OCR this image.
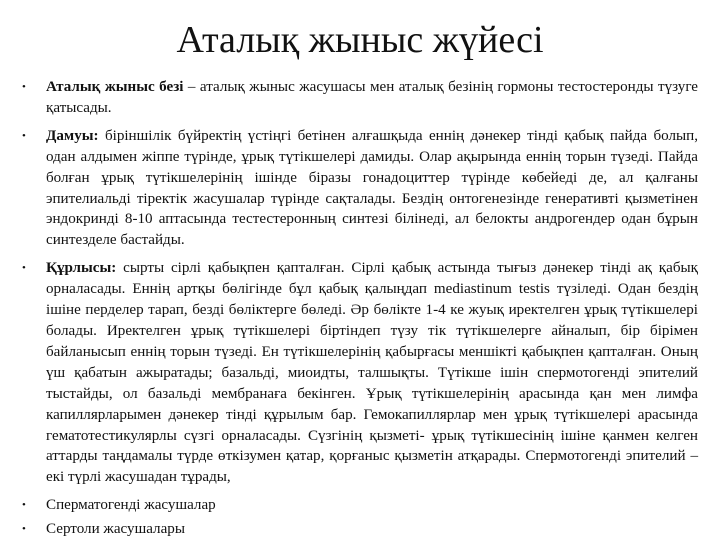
Аталық жыныс жүйесі
•	Аталық жыныс безі – аталық жыныс жасушасы мен аталық безінің гормоны тестостеронды түзуге қатысады.
•	Дамуы: біріншілік бүйректің үстіңгі бетінен алғашқыда еннің дәнекер тінді қабық пайда болып, одан алдымен жіппе түрінде, ұрық түтікшелері дамиды. Олар ақырында еннің торын түзеді. Пайда болған ұрық түтікшелерінің ішінде біразы гонадоциттер түрінде көбейеді де, ал қалғаны эпителиальді тіректік жасушалар түрінде сақталады. Бездің онтогенезінде генеративті қызметінен эндокринді 8-10 аптасында тестестеронның синтезі білінеді, ал белокты андрогендер одан бұрын синтезделе бастайды.
•	Құрлысы: сырты сірлі қабықпен қапталған. Сірлі қабық астында тығыз дәнекер тінді ақ қабық орналасады. Еннің артқы бөлігінде бұл қабық қалыңдап mediastinum testis түзіледі. Одан бездің ішіне перделер тарап, безді бөліктерге бөледі. Әр бөлікте 1-4 ке жуық иректелген ұрық түтікшелері болады. Иректелген ұрық түтікшелері біртіндеп түзу тік түтікшелерге айналып, бір бірімен байланысып еннің торын түзеді. Ен түтікшелерінің қабырғасы меншікті қабықпен қапталған. Оның үш қабатын ажыратады; базальді, миоидты, талшықты. Түтікше ішін спермотогенді эпителий тыстайды, ол базальді мембранаға бекінген. Ұрық түтікшелерінің арасында қан мен лимфа капиллярларымен дәнекер тінді құрылым бар. Гемокапиллярлар мен ұрық түтікшелері арасында гематотестикулярлы сүзгі орналасады. Сүзгінің қызметі- ұрық түтікшесінің ішіне қанмен келген аттарды таңдамалы түрде өткізумен қатар, қорғаныс қызметін атқарады. Спермотогенді эпителий – екі түрлі жасушадан тұрады,
•	Сперматогенді жасушалар
•	Сертоли жасушалары
